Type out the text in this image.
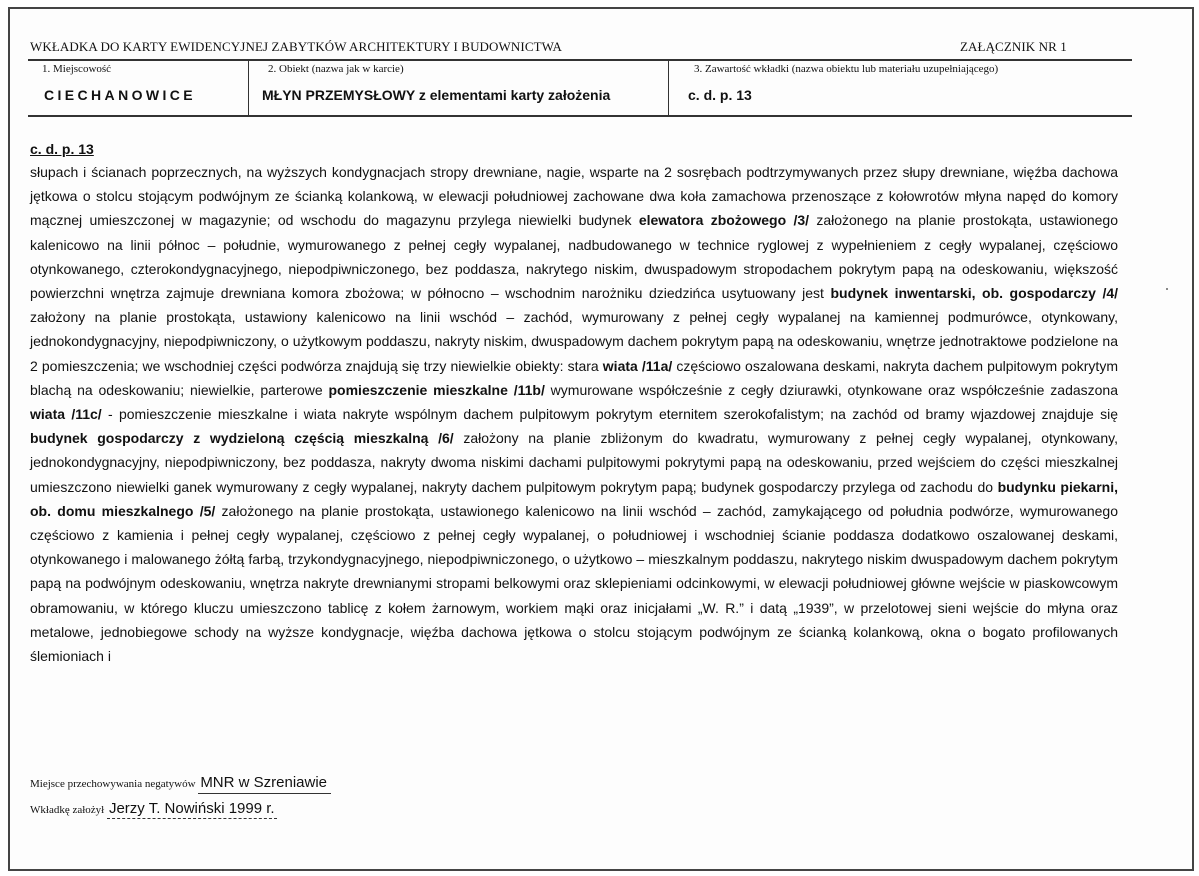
WKŁADKA DO KARTY EWIDENCYJNEJ ZABYTKÓW ARCHITEKTURY I BUDOWNICTWA	ZAŁĄCZNIK NR 1
1. Miejscowość
CIECHANOWICE
2. Obiekt (nazwa jak w karcie)
MŁYN PRZEMYSŁOWY z elementami karty założenia
3. Zawartość wkładki (nazwa obiektu lub materiału uzupełniającego)
c. d. p. 13
c. d. p. 13
słupach i ścianach poprzecznych, na wyższych kondygnacjach stropy drewniane, nagie, wsparte na 2 sosrębach podtrzymywanych przez słupy drewniane, więźba dachowa jętkowa o stolcu stojącym podwójnym ze ścianką kolankową, w elewacji południowej zachowane dwa koła zamachowa przenoszące z kołowrotów młyna napęd do komory mącznej umieszczonej w magazynie; od wschodu do magazynu przylega niewielki budynek elewatora zbożowego /3/ założonego na planie prostokąta, ustawionego kalenicowo na linii północ – południe, wymurowanego z pełnej cegły wypalanej, nadbudowanego w technice ryglowej z wypełnieniem z cegły wypalanej, częściowo otynkowanego, czterokondygnacyjnego, niepodpiwniczonego, bez poddasza, nakrytego niskim, dwuspadowym stropodachem pokrytym papą na odeskowaniu, większość powierzchni wnętrza zajmuje drewniana komora zbożowa; w północno – wschodnim narożniku dziedzińca usytuowany jest budynek inwentarski, ob. gospodarczy /4/ założony na planie prostokąta, ustawiony kalenicowo na linii wschód – zachód, wymurowany z pełnej cegły wypalanej na kamiennej podmurówce, otynkowany, jednokondygnacyjny, niepodpiwniczony, o użytkowym poddaszu, nakryty niskim, dwuspadowym dachem pokrytym papą na odeskowaniu, wnętrze jednotraktowe podzielone na 2 pomieszczenia; we wschodniej części podwórza znajdują się trzy niewielkie obiekty: stara wiata /11a/ częściowo oszalowana deskami, nakryta dachem pulpitowym pokrytym blachą na odeskowaniu; niewielkie, parterowe pomieszczenie mieszkalne /11b/ wymurowane współcześnie z cegły dziurawki, otynkowane oraz współcześnie zadaszona wiata /11c/ - pomieszczenie mieszkalne i wiata nakryte wspólnym dachem pulpitowym pokrytym eternitem szerokofalistym; na zachód od bramy wjazdowej znajduje się budynek gospodarczy z wydzieloną częścią mieszkalną /6/ założony na planie zbliżonym do kwadratu, wymurowany z pełnej cegły wypalanej, otynkowany, jednokondygnacyjny, niepodpiwniczony, bez poddasza, nakryty dwoma niskimi dachami pulpitowymi pokrytymi papą na odeskowaniu, przed wejściem do części mieszkalnej umieszczono niewielki ganek wymurowany z cegły wypalanej, nakryty dachem pulpitowym pokrytym papą; budynek gospodarczy przylega od zachodu do budynku piekarni, ob. domu mieszkalnego /5/ założonego na planie prostokąta, ustawionego kalenicowo na linii wschód – zachód, zamykającego od południa podwórze, wymurowanego częściowo z kamienia i pełnej cegły wypalanej, częściowo z pełnej cegły wypalanej, o południowej i wschodniej ścianie poddasza dodatkowo oszalowanej deskami, otynkowanego i malowanego żółtą farbą, trzykondygnacyjnego, niepodpiwniczonego, o użytkowo – mieszkalnym poddaszu, nakrytego niskim dwuspadowym dachem pokrytym papą na podwójnym odeskowaniu, wnętrza nakryte drewnianymi stropami belkowymi oraz sklepieniami odcinkowymi, w elewacji południowej główne wejście w piaskowcowym obramowaniu, w którego kluczu umieszczono tablicę z kołem żarnowym, workiem mąki oraz inicjałami „W. R.” i datą „1939”, w przelotowej sieni wejście do młyna oraz metalowe, jednobiegowe schody na wyższe kondygnacje, więźba dachowa jętkowa o stolcu stojącym podwójnym ze ścianką kolankową, okna o bogato profilowanych ślemioniach i
Miejsce przechowywania negatywów MNR w Szreniawie
Wkładkę założył Jerzy T. Nowiński 1999 r.
